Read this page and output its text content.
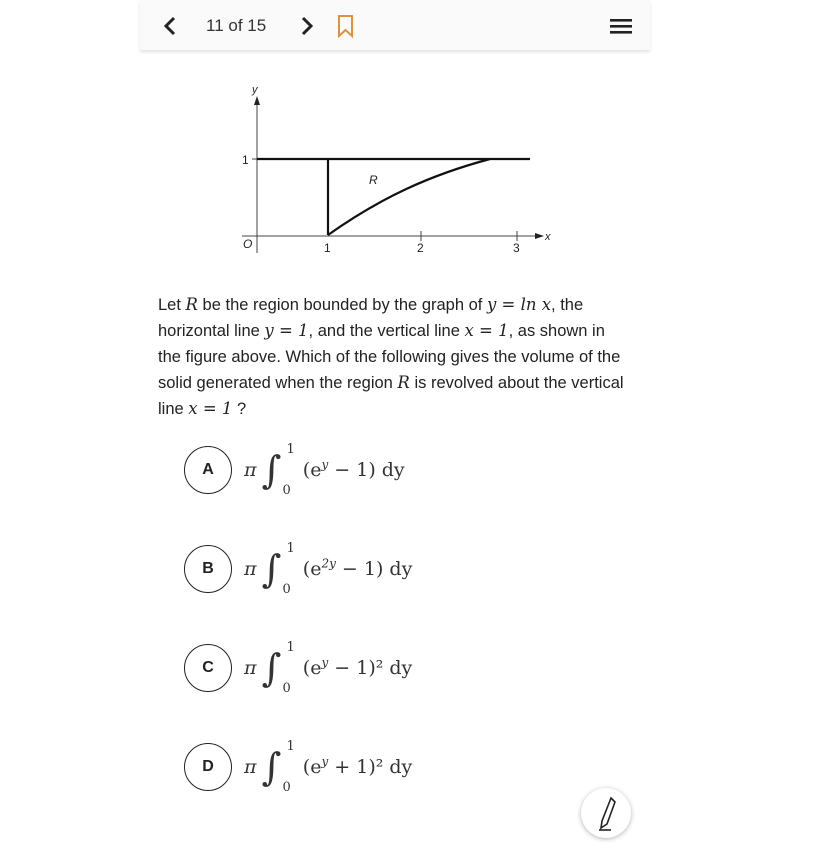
11 of 15
y
x
O
1
1	2	3
R
Let R be the region bounded by the graph of y = ln x, the horizontal line y = 1, and the vertical line x = 1, as shown in the figure above. Which of the following gives the volume of the solid generated when the region R is revolved about the vertical line x = 1 ?
A	π ∫ 1
0
$(e^y - 1)$ dy
B	π ∫ 1
0
$(e^{2y} - 1)$ dy
C	π ∫ 1
0
$(e^y - 1)^2$ dy
D	π ∫ 1
0
$(e^y + 1)^2$ dy
